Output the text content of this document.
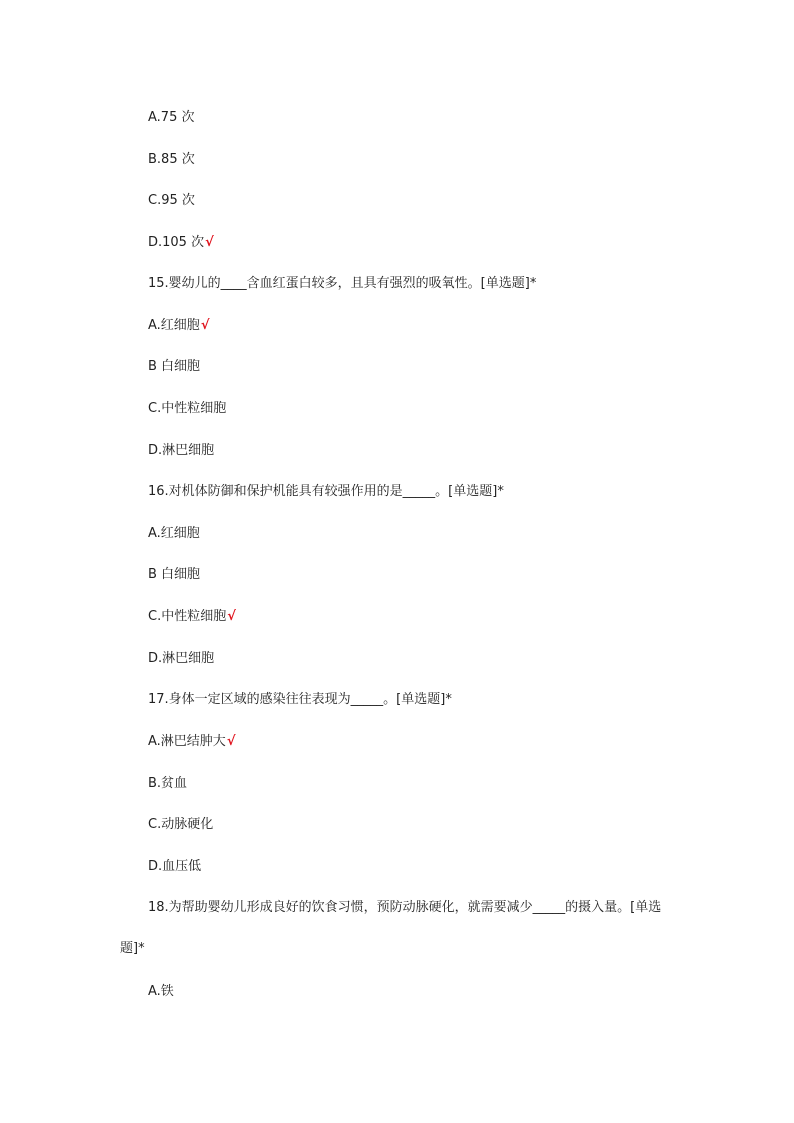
A.75 次
B.85 次
C.95 次
D.105 次√
15.婴幼儿的____含血红蛋白较多，且具有强烈的吸氧性。[单选题]*
A.红细胞√
B 白细胞
C.中性粒细胞
D.淋巴细胞
16.对机体防御和保护机能具有较强作用的是_____。[单选题]*
A.红细胞
B 白细胞
C.中性粒细胞√
D.淋巴细胞
17.身体一定区域的感染往往表现为_____。[单选题]*
A.淋巴结肿大√
B.贫血
C.动脉硬化
D.血压低
18.为帮助婴幼儿形成良好的饮食习惯，预防动脉硬化，就需要减少_____的摄入量。[单选题]*
A.铁
